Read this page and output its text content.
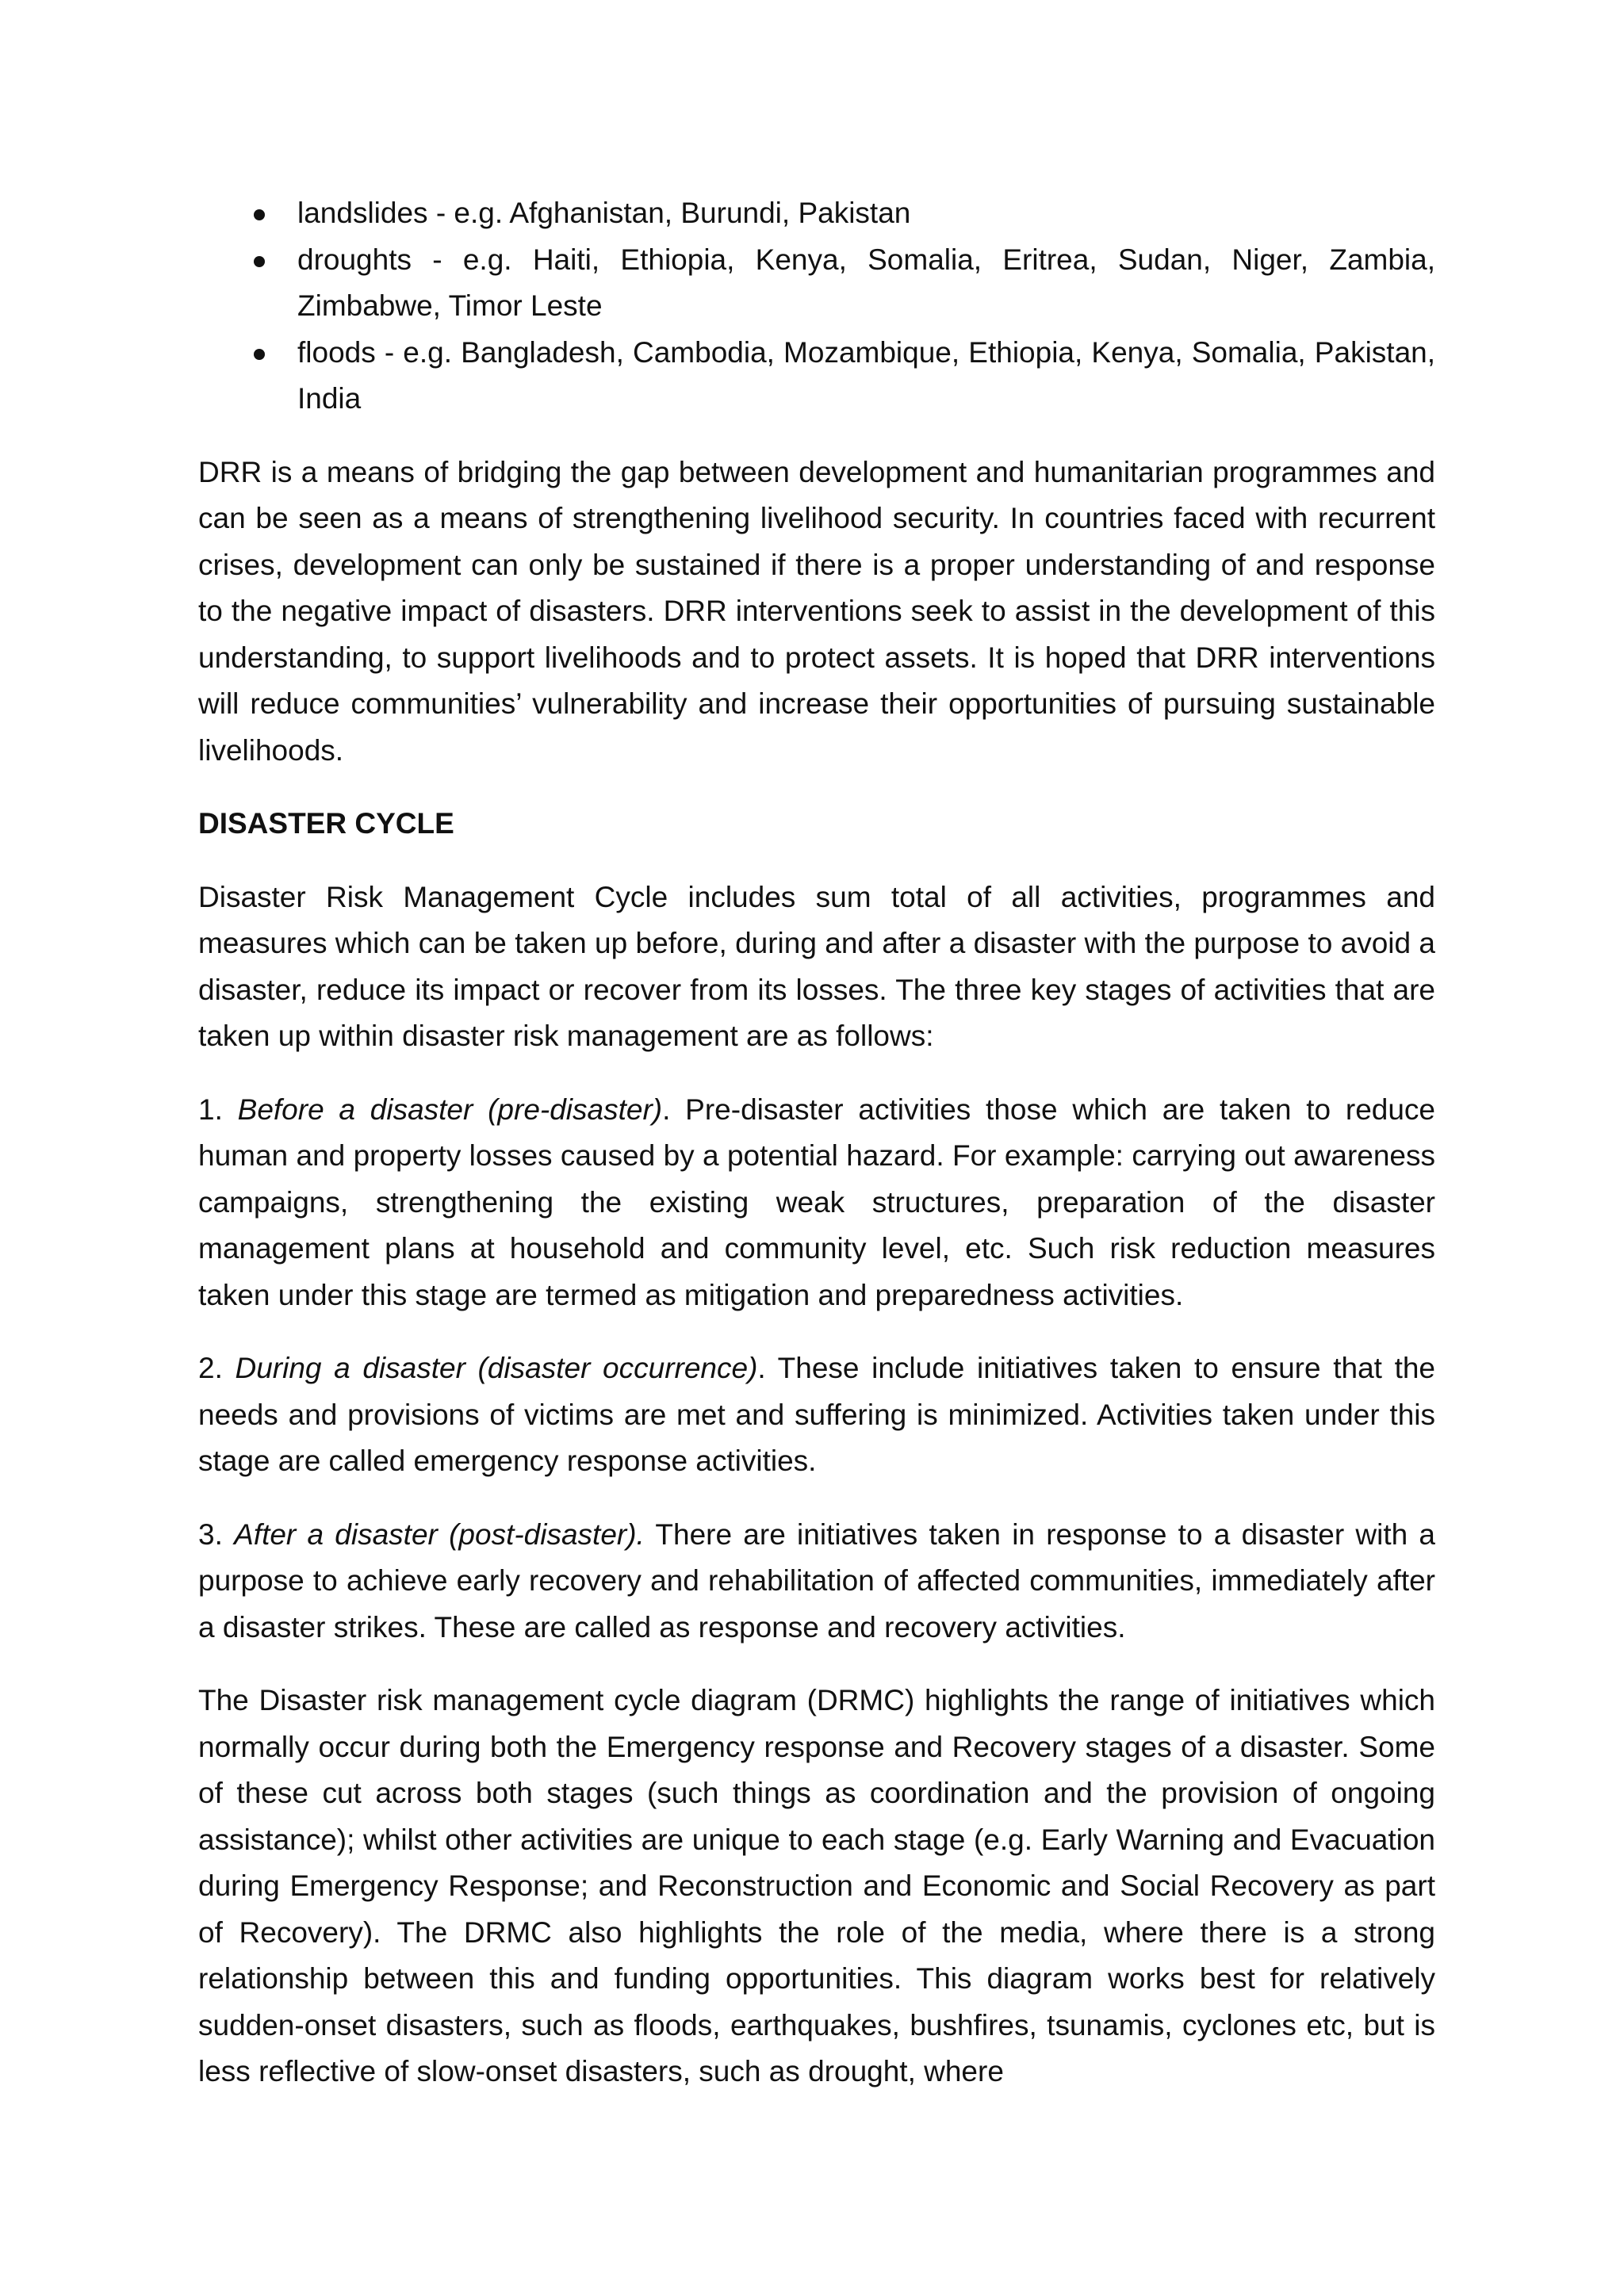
landslides - e.g. Afghanistan, Burundi, Pakistan
droughts - e.g. Haiti, Ethiopia, Kenya, Somalia, Eritrea, Sudan, Niger, Zambia, Zimbabwe, Timor Leste
floods - e.g. Bangladesh, Cambodia, Mozambique, Ethiopia, Kenya, Somalia, Pakistan, India

DRR is a means of bridging the gap between development and humanitarian programmes and can be seen as a means of strengthening livelihood security. In countries faced with recurrent crises, development can only be sustained if there is a proper understanding of and response to the negative impact of disasters. DRR interventions seek to assist in the development of this understanding, to support livelihoods and to protect assets. It is hoped that DRR interventions will reduce communities’ vulnerability and increase their opportunities of pursuing sustainable livelihoods.

DISASTER CYCLE

Disaster Risk Management Cycle includes sum total of all activities, programmes and measures which can be taken up before, during and after a disaster with the purpose to avoid a disaster, reduce its impact or recover from its losses. The three key stages of activities that are taken up within disaster risk management are as follows:

1. Before a disaster (pre-disaster). Pre-disaster activities those which are taken to reduce human and property losses caused by a potential hazard. For example: carrying out awareness campaigns, strengthening the existing weak structures, preparation of the disaster management plans at household and community level, etc. Such risk reduction measures taken under this stage are termed as mitigation and preparedness activities.

2. During a disaster (disaster occurrence). These include initiatives taken to ensure that the needs and provisions of victims are met and suffering is minimized. Activities taken under this stage are called emergency response activities.

3. After a disaster (post-disaster). There are initiatives taken in response to a disaster with a purpose to achieve early recovery and rehabilitation of affected communities, immediately after a disaster strikes. These are called as response and recovery activities.

The Disaster risk management cycle diagram (DRMC) highlights the range of initiatives which normally occur during both the Emergency response and Recovery stages of a disaster. Some of these cut across both stages (such things as coordination and the provision of ongoing assistance); whilst other activities are unique to each stage (e.g. Early Warning and Evacuation during Emergency Response; and Reconstruction and Economic and Social Recovery as part of Recovery). The DRMC also highlights the role of the media, where there is a strong relationship between this and funding opportunities. This diagram works best for relatively sudden-onset disasters, such as floods, earthquakes, bushfires, tsunamis, cyclones etc, but is less reflective of slow-onset disasters, such as drought, where
